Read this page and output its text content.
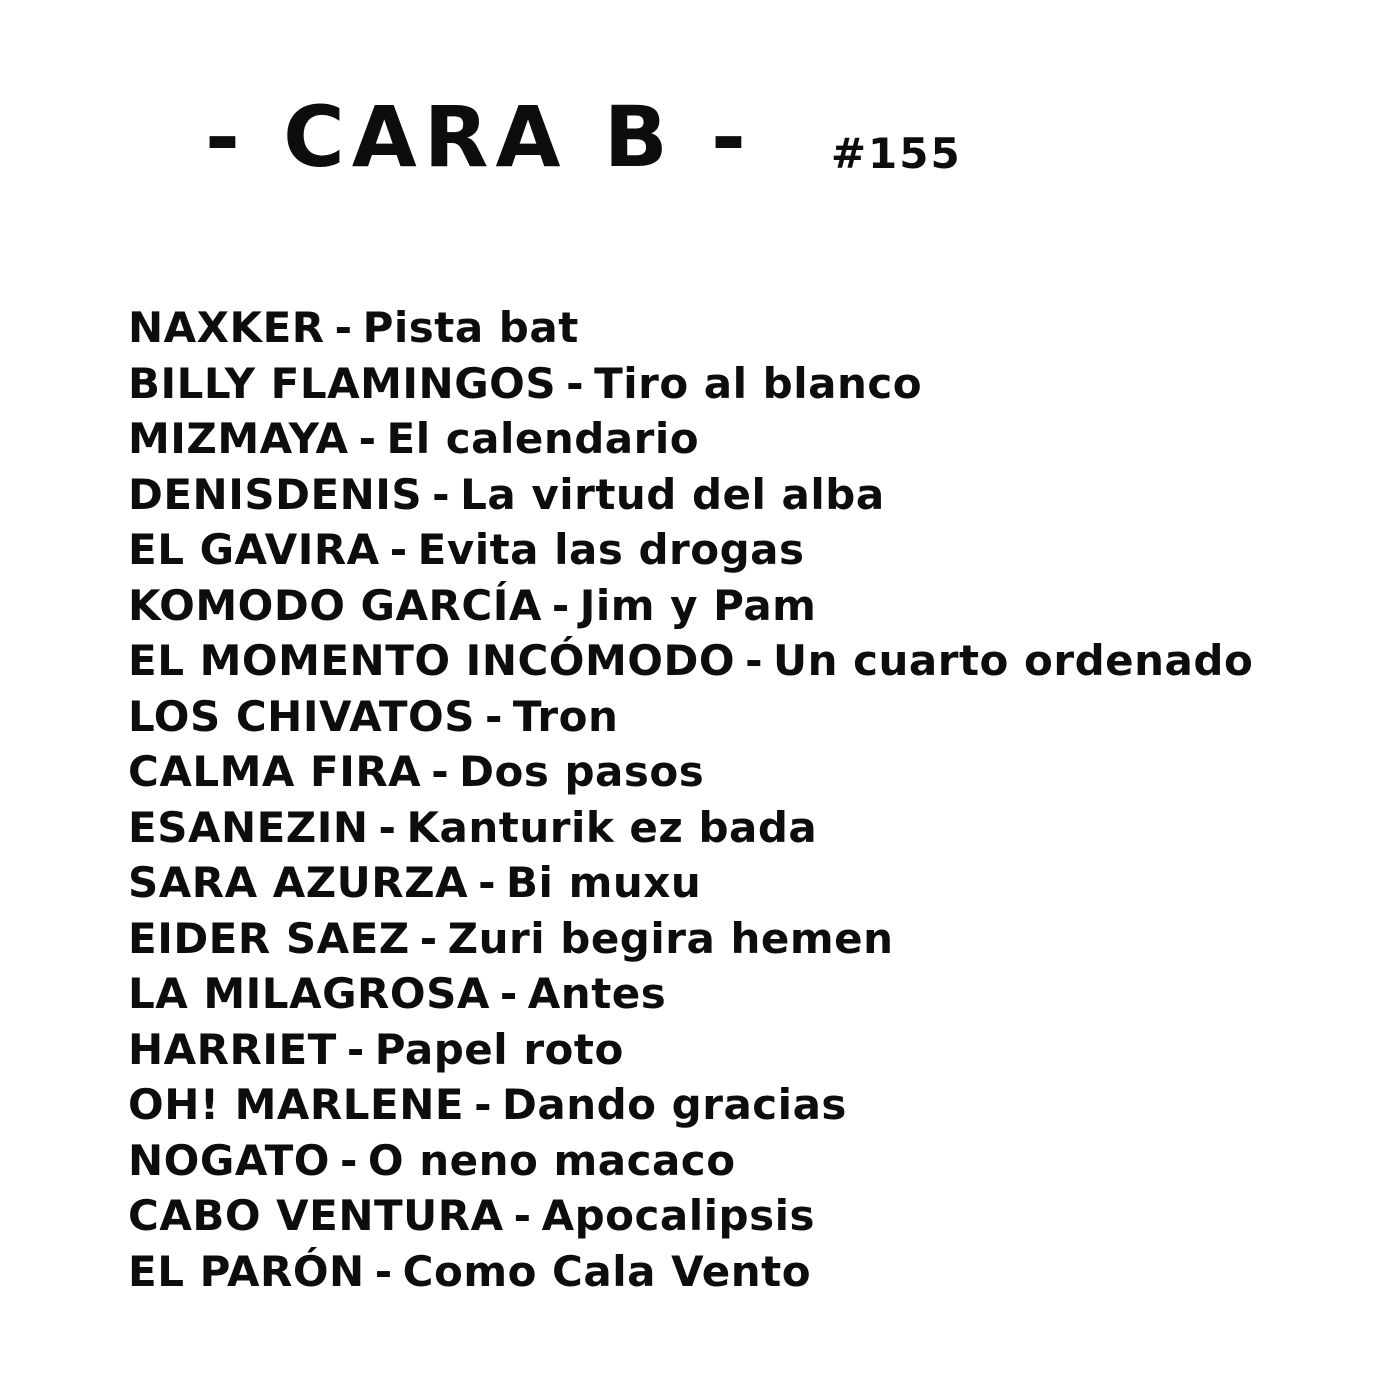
- CARA B - #155
NAXKER - Pista bat
BILLY FLAMINGOS - Tiro al blanco
MIZMAYA - El calendario
DENISDENIS - La virtud del alba
EL GAVIRA - Evita las drogas
KOMODO GARCÍA - Jim y Pam
EL MOMENTO INCÓMODO - Un cuarto ordenado
LOS CHIVATOS - Tron
CALMA FIRA - Dos pasos
ESANEZIN - Kanturik ez bada
SARA AZURZA - Bi muxu
EIDER SAEZ - Zuri begira hemen
LA MILAGROSA - Antes
HARRIET - Papel roto
OH! MARLENE - Dando gracias
NOGATO - O neno macaco
CABO VENTURA - Apocalipsis
EL PARÓN - Como Cala Vento
